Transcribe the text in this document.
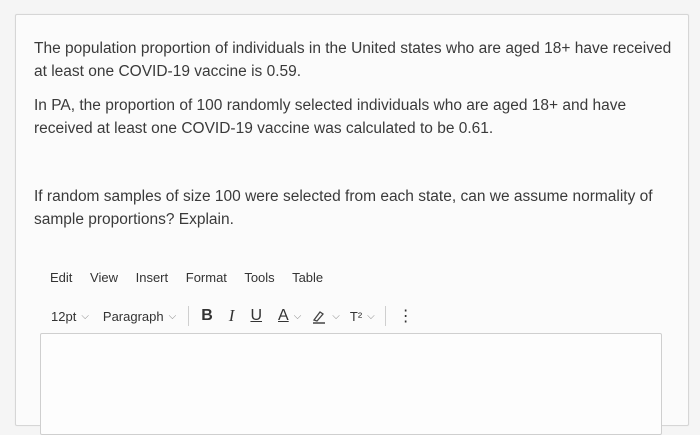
The population proportion of individuals in the United states who are aged 18+ have received at least one COVID-19 vaccine is 0.59.
In PA, the proportion of 100 randomly selected individuals who are aged 18+ and have received at least one COVID-19 vaccine was calculated to be 0.61.
If random samples of size 100 were selected from each state, can we assume normality of sample proportions? Explain.
Edit View Insert Format Tools Table
12pt ⌵ Paragraph ⌵ B I U A ⌵	⌵ T² ⌵ ⋮
